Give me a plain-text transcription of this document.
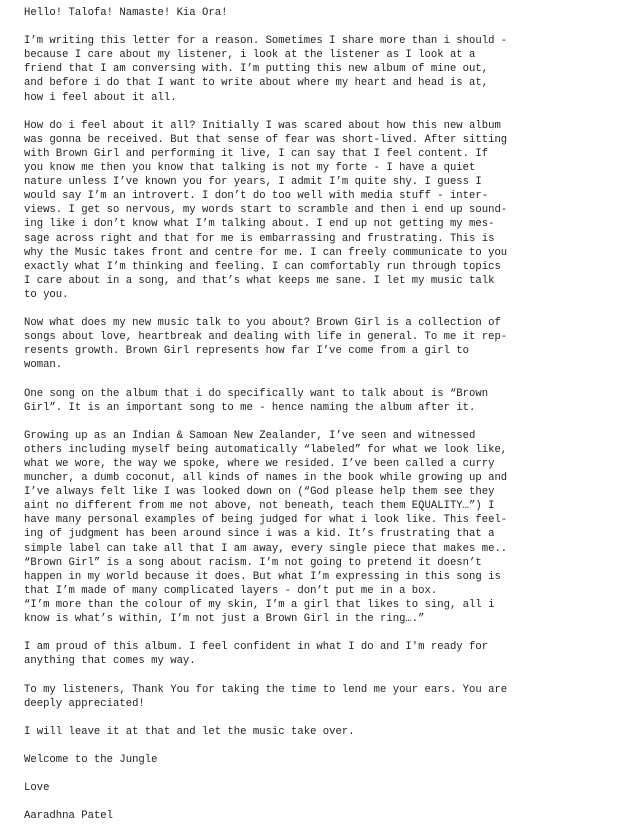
Hello! Talofa! Namaste! Kia Ora!
I’m writing this letter for a reason. Sometimes I share more than i should -
because I care about my listener, i look at the listener as I look at a
friend that I am conversing with. I’m putting this new album of mine out,
and before i do that I want to write about where my heart and head is at,
how i feel about it all.
How do i feel about it all? Initially I was scared about how this new album
was gonna be received. But that sense of fear was short-lived. After sitting
with Brown Girl and performing it live, I can say that I feel content. If
you know me then you know that talking is not my forte - I have a quiet
nature unless I’ve known you for years, I admit I’m quite shy. I guess I
would say I’m an introvert. I don’t do too well with media stuff - inter-
views. I get so nervous, my words start to scramble and then i end up sound-
ing like i don’t know what I’m talking about. I end up not getting my mes-
sage across right and that for me is embarrassing and frustrating. This is
why the Music takes front and centre for me. I can freely communicate to you
exactly what I’m thinking and feeling. I can comfortably run through topics
I care about in a song, and that’s what keeps me sane. I let my music talk
to you.
Now what does my new music talk to you about? Brown Girl is a collection of
songs about love, heartbreak and dealing with life in general. To me it rep-
resents growth. Brown Girl represents how far I’ve come from a girl to
woman.
One song on the album that i do specifically want to talk about is “Brown
Girl”. It is an important song to me - hence naming the album after it.
Growing up as an Indian & Samoan New Zealander, I’ve seen and witnessed
others including myself being automatically “labeled” for what we look like,
what we wore, the way we spoke, where we resided. I’ve been called a curry
muncher, a dumb coconut, all kinds of names in the book while growing up and
I’ve always felt like I was looked down on (“God please help them see they
aint no different from me not above, not beneath, teach them EQUALITY…”) I
have many personal examples of being judged for what i look like. This feel-
ing of judgment has been around since i was a kid. It’s frustrating that a
simple label can take all that I am away, every single piece that makes me..
“Brown Girl” is a song about racism. I’m not going to pretend it doesn’t
happen in my world because it does. But what I’m expressing in this song is
that I’m made of many complicated layers - don’t put me in a box.
“I’m more than the colour of my skin, I’m a girl that likes to sing, all i
know is what’s within, I’m not just a Brown Girl in the ring….”
I am proud of this album. I feel confident in what I do and I'm ready for
anything that comes my way.
To my listeners, Thank You for taking the time to lend me your ears. You are
deeply appreciated!
I will leave it at that and let the music take over.
Welcome to the Jungle
Love
Aaradhna Patel
